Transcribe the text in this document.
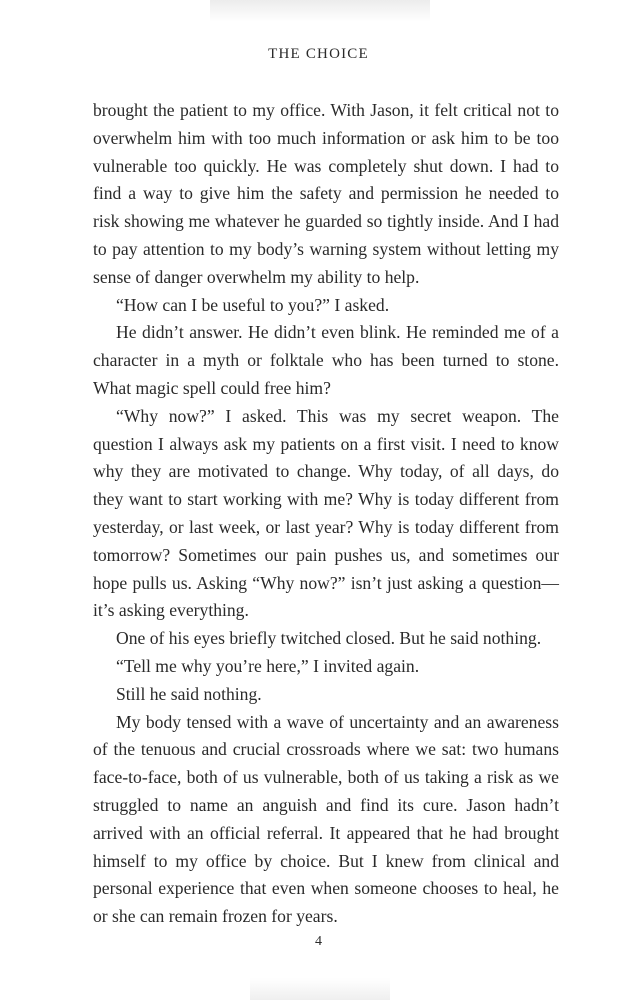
THE CHOICE

brought the patient to my office. With Jason, it felt critical not to overwhelm him with too much information or ask him to be too vulnerable too quickly. He was completely shut down. I had to find a way to give him the safety and permission he needed to risk showing me whatever he guarded so tightly inside. And I had to pay attention to my body’s warning system without letting my sense of danger overwhelm my ability to help.

“How can I be useful to you?” I asked.

He didn’t answer. He didn’t even blink. He reminded me of a character in a myth or folktale who has been turned to stone. What magic spell could free him?

“Why now?” I asked. This was my secret weapon. The question I always ask my patients on a first visit. I need to know why they are motivated to change. Why today, of all days, do they want to start working with me? Why is today different from yesterday, or last week, or last year? Why is today different from tomorrow? Sometimes our pain pushes us, and sometimes our hope pulls us. Asking “Why now?” isn’t just asking a question—it’s asking everything.

One of his eyes briefly twitched closed. But he said nothing.

“Tell me why you’re here,” I invited again.

Still he said nothing.

My body tensed with a wave of uncertainty and an awareness of the tenuous and crucial crossroads where we sat: two humans face-to-face, both of us vulnerable, both of us taking a risk as we struggled to name an anguish and find its cure. Jason hadn’t arrived with an official referral. It appeared that he had brought himself to my office by choice. But I knew from clinical and personal experience that even when someone chooses to heal, he or she can remain frozen for years.

4
